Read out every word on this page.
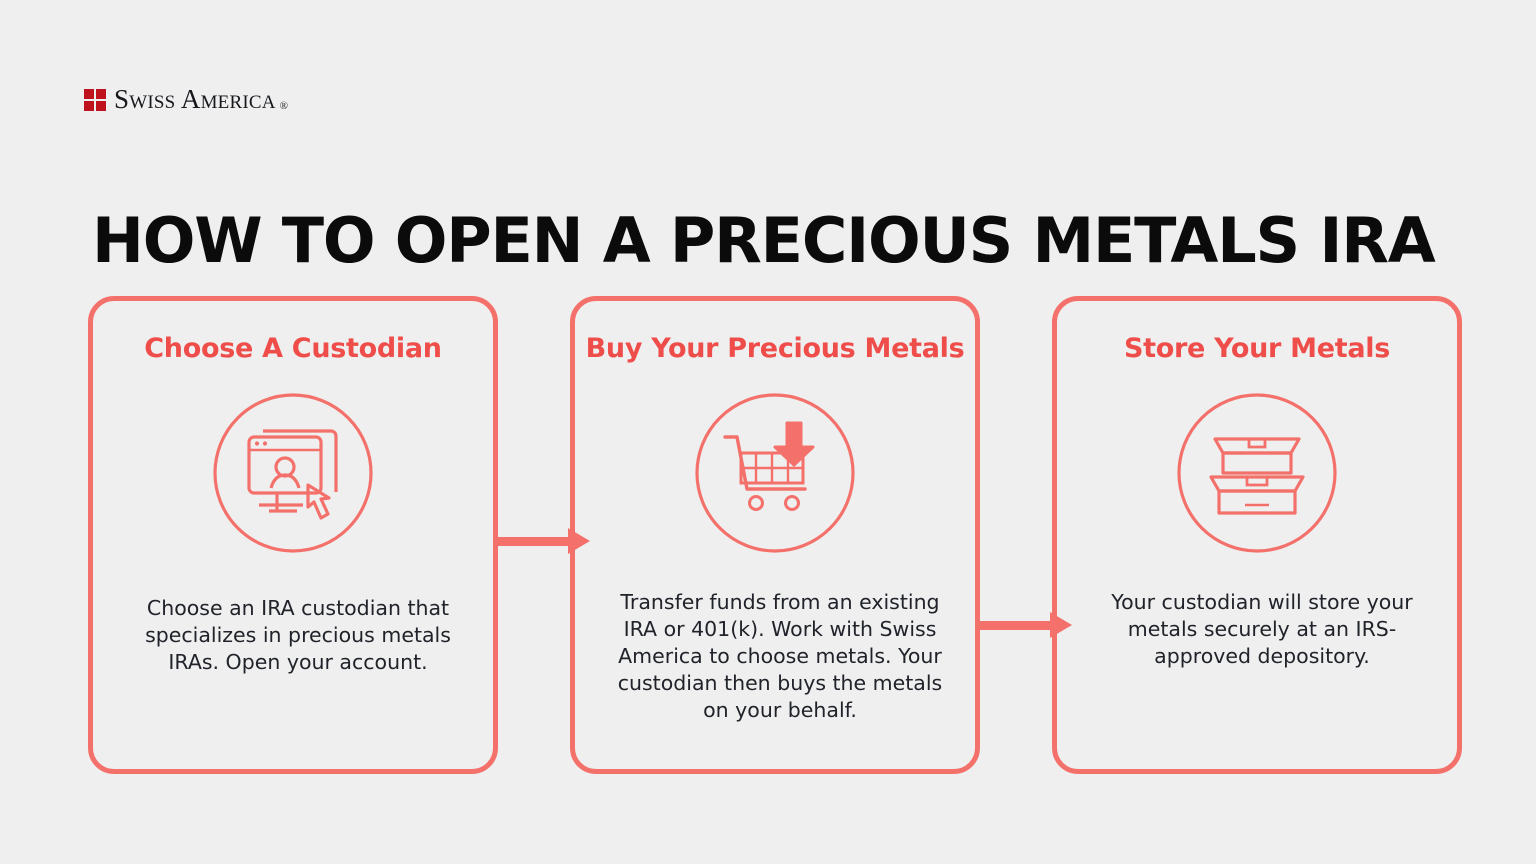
Swiss America ®
HOW TO OPEN A PRECIOUS METALS IRA
Choose A Custodian
Choose an IRA custodian that specializes in precious metals IRAs. Open your account.
Buy Your Precious Metals
Transfer funds from an existing IRA or 401(k). Work with Swiss America to choose metals. Your custodian then buys the metals on your behalf.
Store Your Metals
Your custodian will store your metals securely at an IRS-approved depository.
